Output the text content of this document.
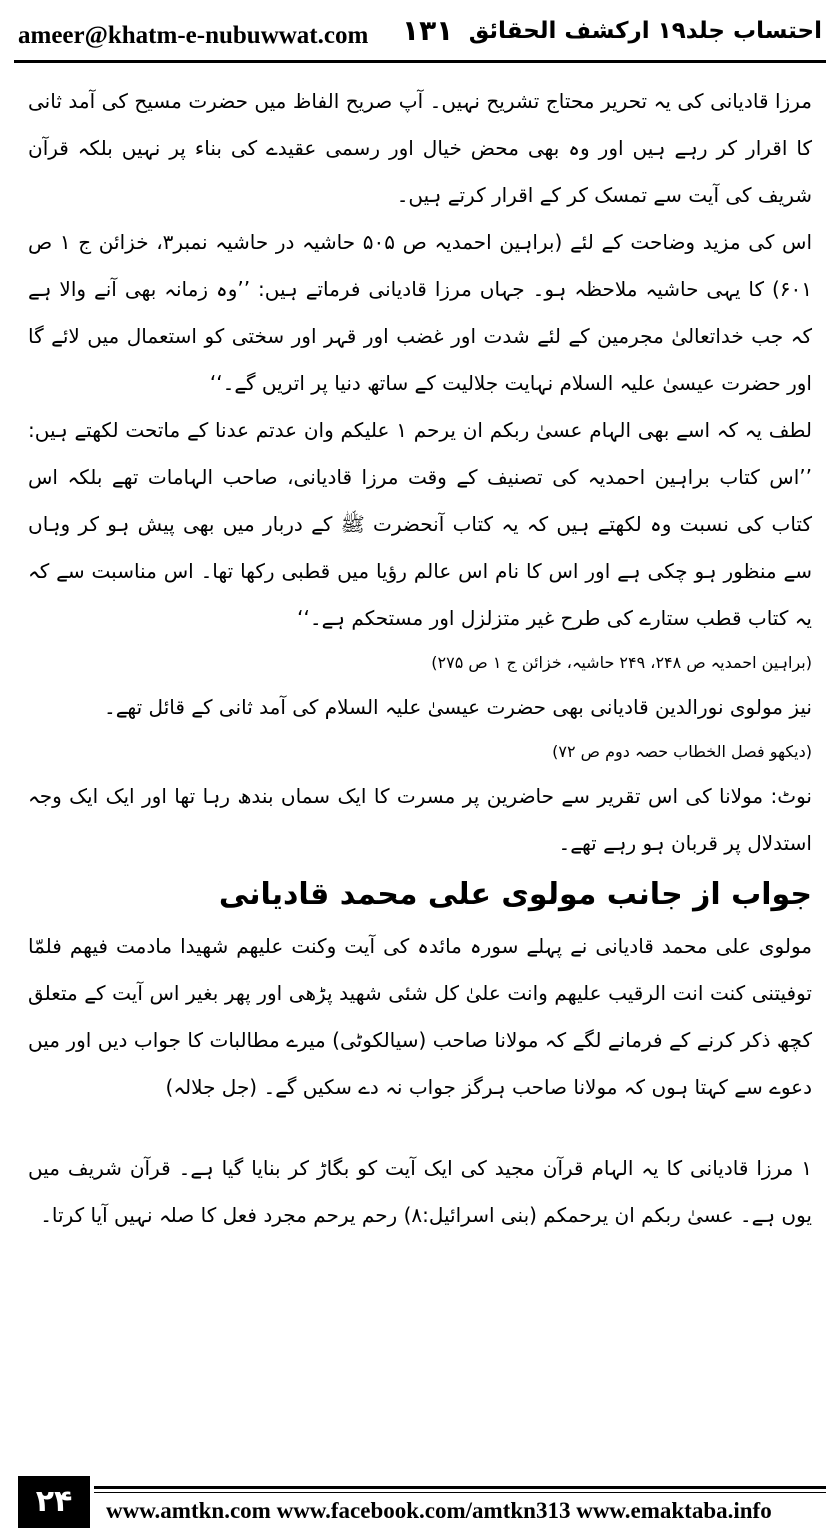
ameer@khatm-e-nubuwwat.com ۱۳۱ احتساب جلد۱۹ ارکشف الحقائق

مرزا قادیانی کی یہ تحریر محتاج تشریح نہیں۔ آپ صریح الفاظ میں حضرت مسیح کی آمد ثانی کا اقرار کر رہے ہیں اور وہ بھی محض خیال اور رسمی عقیدے کی بناء پر نہیں بلکہ قرآن شریف کی آیت سے تمسک کر کے اقرار کرتے ہیں۔

اس کی مزید وضاحت کے لئے (براہین احمدیہ ص ۵۰۵ حاشیہ در حاشیہ نمبر۳، خزائن ج ۱ ص ۶۰۱) کا یہی حاشیہ ملاحظہ ہو۔ جہاں مرزا قادیانی فرماتے ہیں: ’’وہ زمانہ بھی آنے والا ہے کہ جب خداتعالیٰ مجرمین کے لئے شدت اور غضب اور قہر اور سختی کو استعمال میں لائے گا اور حضرت عیسیٰ علیہ السلام نہایت جلالیت کے ساتھ دنیا پر اتریں گے۔‘‘

لطف یہ کہ اسے بھی الہام عسیٰ ربکم ان یرحم ۱ علیکم وان عدتم عدنا کے ماتحت لکھتے ہیں: ’’اس کتاب براہین احمدیہ کی تصنیف کے وقت مرزا قادیانی، صاحب الہامات تھے بلکہ اس کتاب کی نسبت وہ لکھتے ہیں کہ یہ کتاب آنحضرت ﷺ کے دربار میں بھی پیش ہو کر وہاں سے منظور ہو چکی ہے اور اس کا نام اس عالم رؤیا میں قطبی رکھا تھا۔ اس مناسبت سے کہ یہ کتاب قطب ستارے کی طرح غیر متزلزل اور مستحکم ہے۔‘‘

(براہین احمدیہ ص ۲۴۸، ۲۴۹ حاشیہ، خزائن ج ۱ ص ۲۷۵)

نیز مولوی نورالدین قادیانی بھی حضرت عیسیٰ علیہ السلام کی آمد ثانی کے قائل تھے۔

(دیکھو فصل الخطاب حصہ دوم ص ۷۲)

نوٹ: مولانا کی اس تقریر سے حاضرین پر مسرت کا ایک سماں بندھ رہا تھا اور ایک ایک وجہ استدلال پر قربان ہو رہے تھے۔

جواب از جانب مولوی علی محمد قادیانی

مولوی علی محمد قادیانی نے پہلے سورہ مائدہ کی آیت وکنت علیھم شھیدا مادمت فیھم فلمّا توفیتنی کنت انت الرقیب علیھم وانت علیٰ کل شئی شھید پڑھی اور پھر بغیر اس آیت کے متعلق کچھ ذکر کرنے کے فرمانے لگے کہ مولانا صاحب (سیالکوٹی) میرے مطالبات کا جواب دیں اور میں دعوے سے کہتا ہوں کہ مولانا صاحب ہرگز جواب نہ دے سکیں گے۔ (جل جلالہ)

۱ مرزا قادیانی کا یہ الہام قرآن مجید کی ایک آیت کو بگاڑ کر بنایا گیا ہے۔ قرآن شریف میں یوں ہے۔ عسیٰ ربکم ان یرحمکم (بنی اسرائیل:۸) رحم یرحم مجرد فعل کا صلہ نہیں آیا کرتا۔

۲۴	www.amtkn.com www.facebook.com/amtkn313 www.emaktaba.info
